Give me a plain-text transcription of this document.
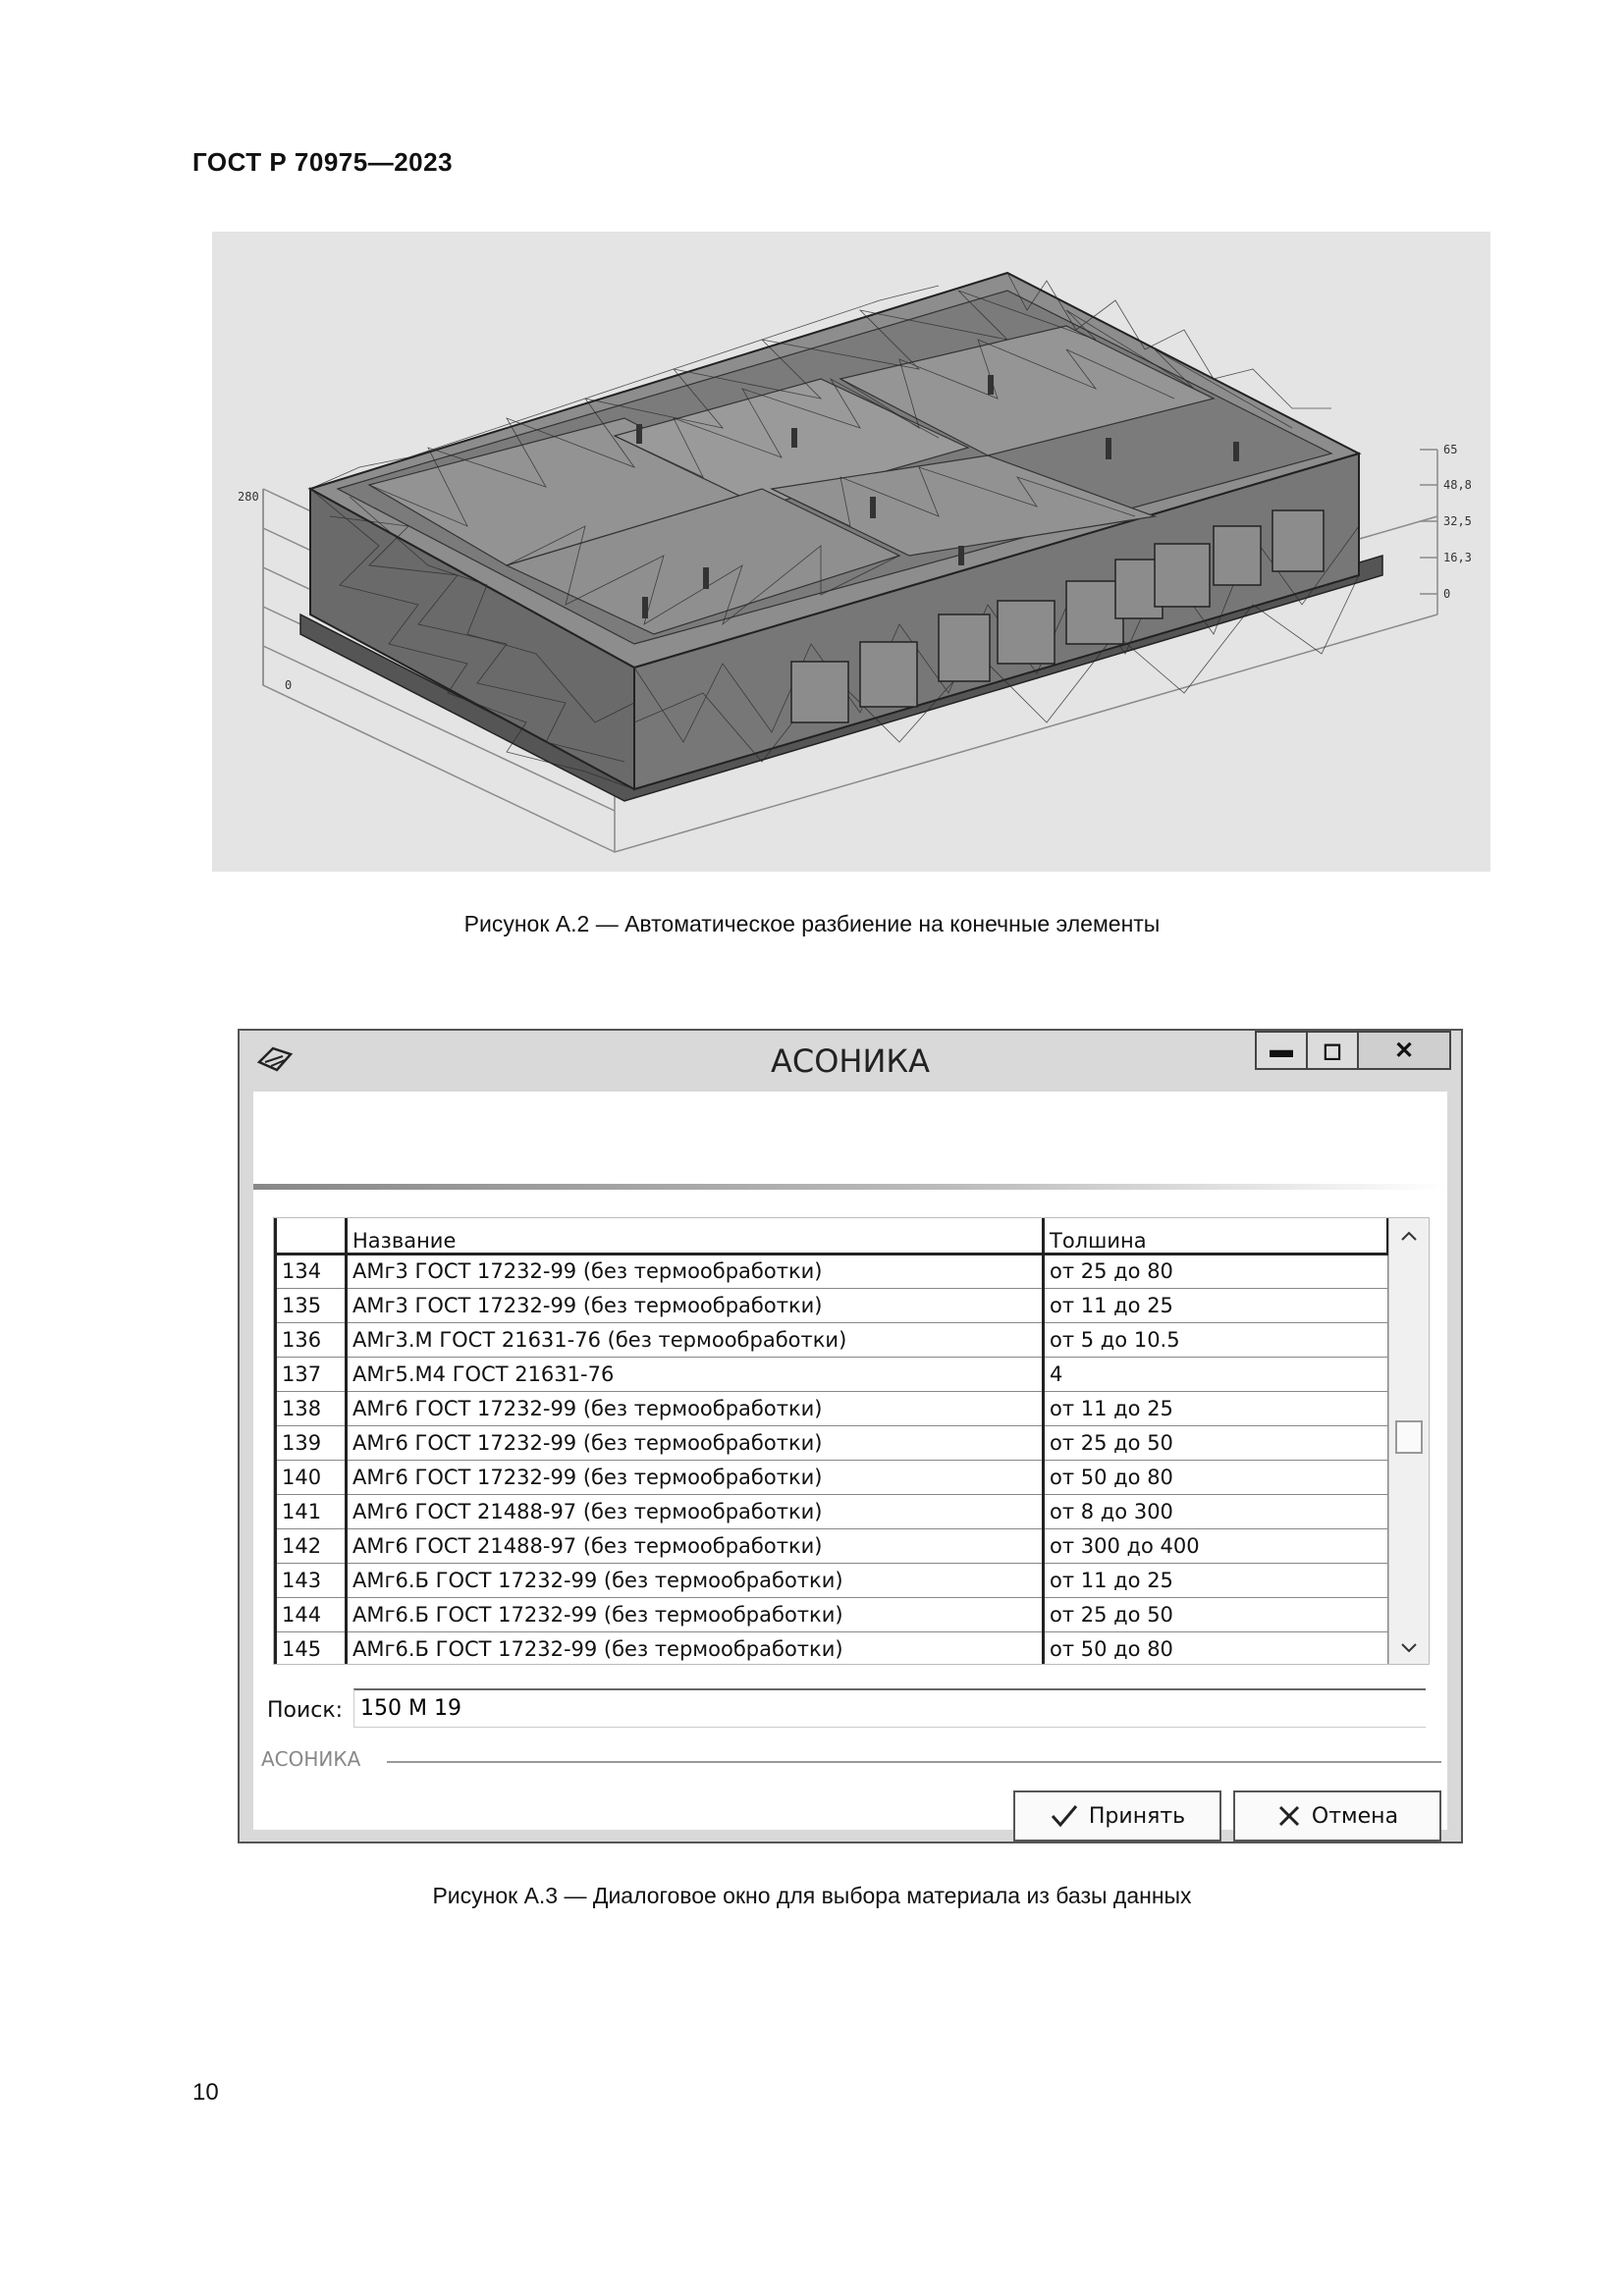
ГОСТ Р 70975—2023
280
0
65
48,8
32,5
16,3
0
Рисунок А.2 — Автоматическое разбиение на конечные элементы
АСОНИКА	▬ ◻ ✕
	Название	Толшина
134	АМг3 ГОСТ 17232-99 (без термообработки)	от 25 до 80
135	АМг3 ГОСТ 17232-99 (без термообработки)	от 11 до 25
136	АМг3.М ГОСТ 21631-76 (без термообработки)	от 5 до 10.5
137	АМг5.М4 ГОСТ 21631-76	4
138	АМг6 ГОСТ 17232-99 (без термообработки)	от 11 до 25
139	АМг6 ГОСТ 17232-99 (без термообработки)	от 25 до 50
140	АМг6 ГОСТ 17232-99 (без термообработки)	от 50 до 80
141	АМг6 ГОСТ 21488-97 (без термообработки)	от 8 до 300
142	АМг6 ГОСТ 21488-97 (без термообработки)	от 300 до 400
143	АМг6.Б ГОСТ 17232-99 (без термообработки)	от 11 до 25
144	АМг6.Б ГОСТ 17232-99 (без термообработки)	от 25 до 50
145	АМг6.Б ГОСТ 17232-99 (без термообработки)	от 50 до 80
Поиск:
150 М 19
АСОНИКА
Принять	Отмена
Рисунок А.3 — Диалоговое окно для выбора материала из базы данных
10
